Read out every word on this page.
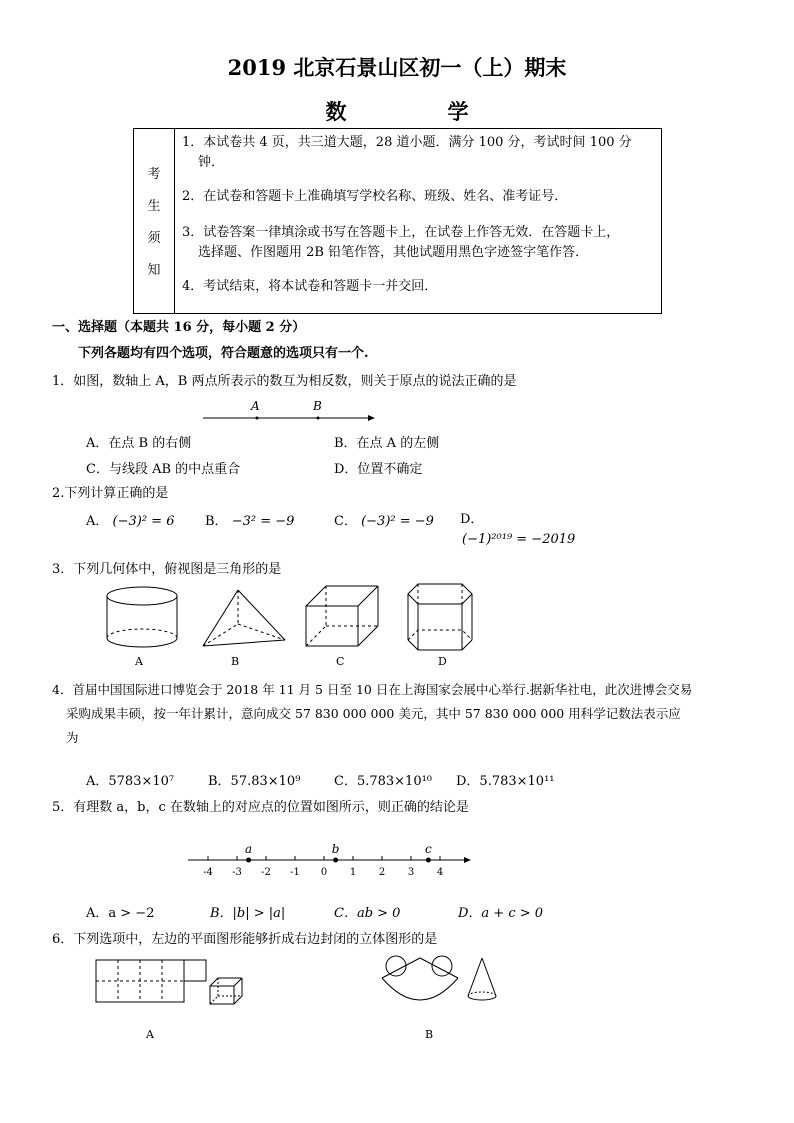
2019 北京石景山区初一（上）期末
数　学
考
生
须
知
1．本试卷共 4 页，共三道大题，28 道小题．满分 100 分，考试时间 100 分
钟．
2．在试卷和答题卡上准确填写学校名称、班级、姓名、准考证号．
3．试卷答案一律填涂或书写在答题卡上，在试卷上作答无效．在答题卡上，
选择题、作图题用 2B 铅笔作答，其他试题用黑色字迹签字笔作答．
4．考试结束，将本试卷和答题卡一并交回．
一、选择题（本题共 16 分，每小题 2 分）
下列各题均有四个选项，符合题意的选项只有一个.
1．如图，数轴上 A，B 两点所表示的数互为相反数，则关于原点的说法正确的是
A	B
A．在点 B 的右侧	B．在点 A 的左侧
C．与线段 AB 的中点重合	D．位置不确定
2.下列计算正确的是
A． (−3)² = 6 B． −3² = −9	C． (−3)² = −9 D．
(−1)²⁰¹⁹ = −2019
3．下列几何体中，俯视图是三角形的是
A	B	C	D
4．首届中国国际进口博览会于 2018 年 11 月 5 日至 10 日在上海国家会展中心举行.据新华社电，此次进博会交易
采购成果丰硕，按一年计累计，意向成交 57 830 000 000 美元，其中 57 830 000 000 用科学记数法表示应
为
A．5783×10⁷	B．57.83×10⁹	C．5.783×10¹⁰ D．5.783×10¹¹
5．有理数 a，b，c 在数轴上的对应点的位置如图所示，则正确的结论是
-4 -3 -2 -1 0 1 2 3 4
a	b	c
A．a > −2	B．|b| > |a|	C．ab > 0	D．a + c > 0
6．下列选项中，左边的平面图形能够折成右边封闭的立体图形的是
A	B
